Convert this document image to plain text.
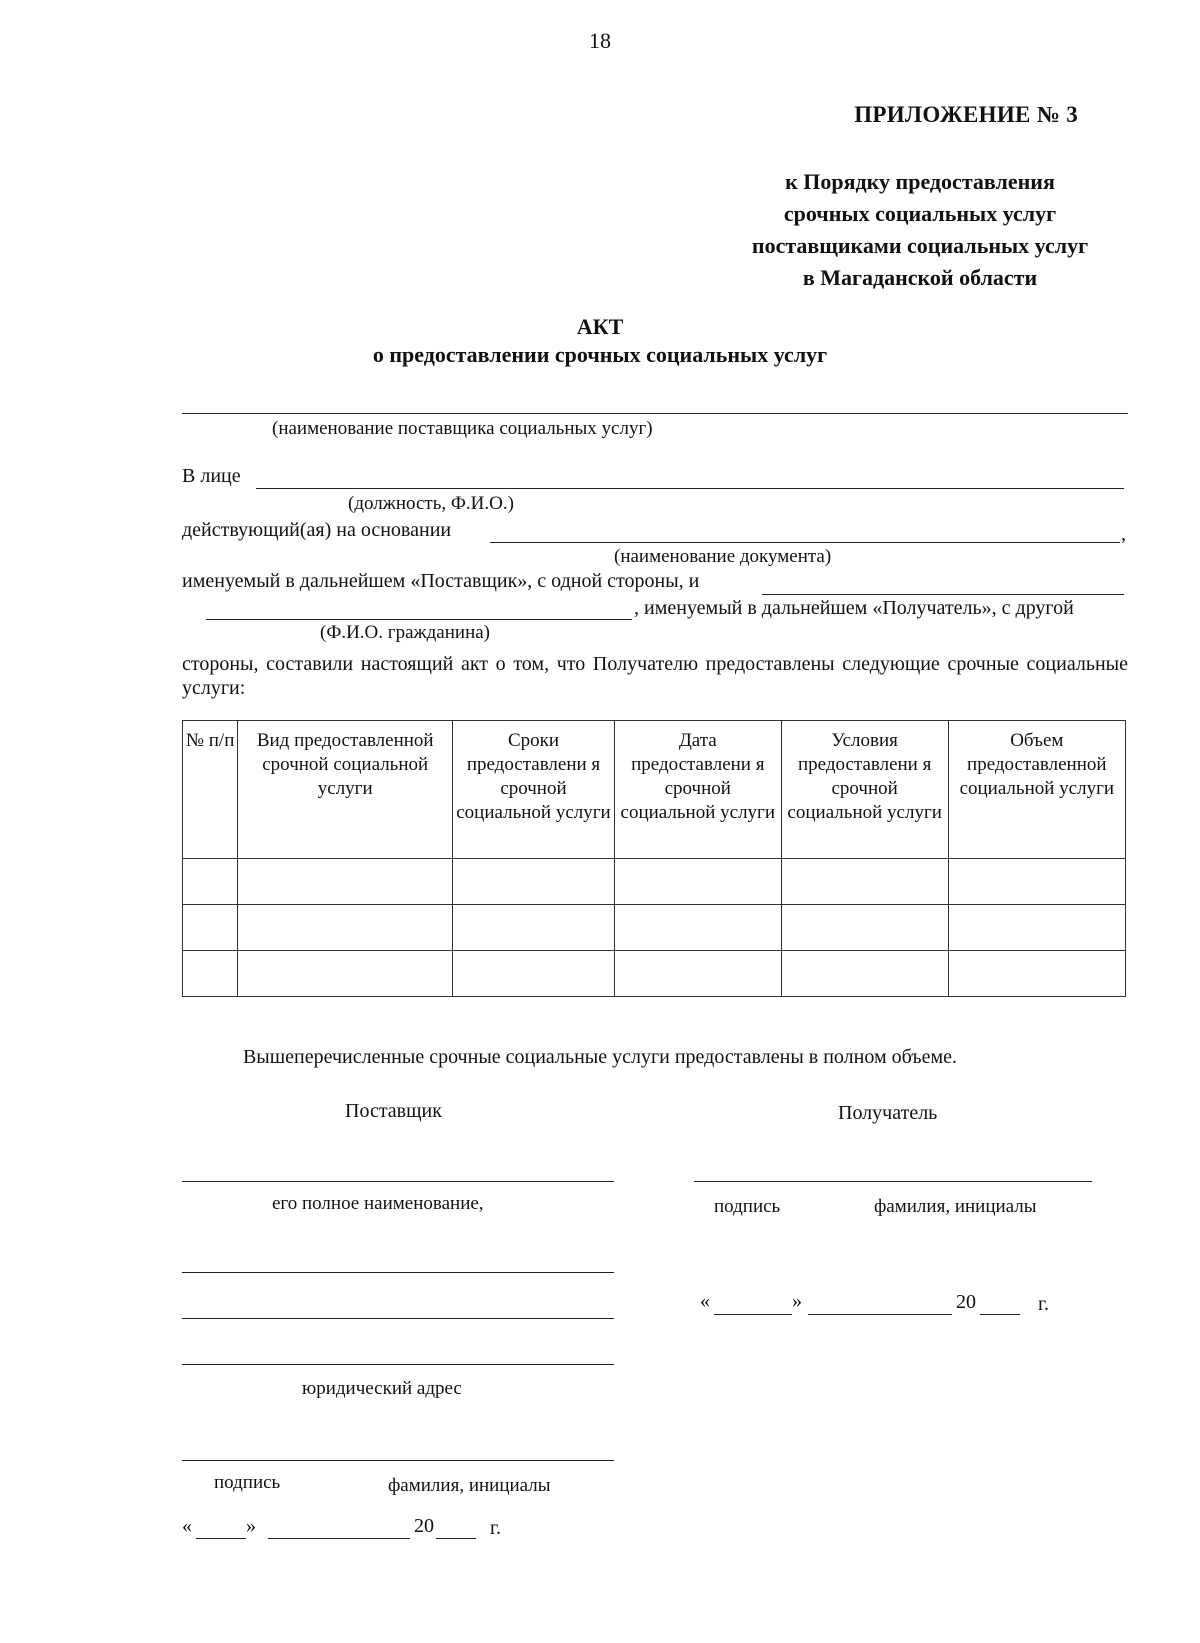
18
ПРИЛОЖЕНИЕ № 3
к Порядку предоставления
срочных социальных услуг
поставщиками социальных услуг
в Магаданской области
АКТ
о предоставлении срочных социальных услуг
(наименование поставщика социальных услуг)
В лице
(должность, Ф.И.О.)
действующий(ая) на основании	,
(наименование документа)
именуемый в дальнейшем «Поставщик», с одной стороны, и
, именуемый в дальнейшем «Получатель», с другой
(Ф.И.О. гражданина)
стороны, составили настоящий акт о том, что Получателю предоставлены следующие срочные социальные услуги:
№ п/п	Вид предоставленной срочной социальной услуги	Сроки предоставлени я срочной социальной услуги	Дата предоставлени я срочной социальной услуги	Условия предоставлени я срочной социальной услуги	Объем предоставленной социальной услуги

Вышеперечисленные срочные социальные услуги предоставлены в полном объеме.
Поставщик
его полное наименование,
юридический адрес
подпись	фамилия, инициалы
«	»	20	г.
Получатель
подпись	фамилия, инициалы
«	»	20	г.
